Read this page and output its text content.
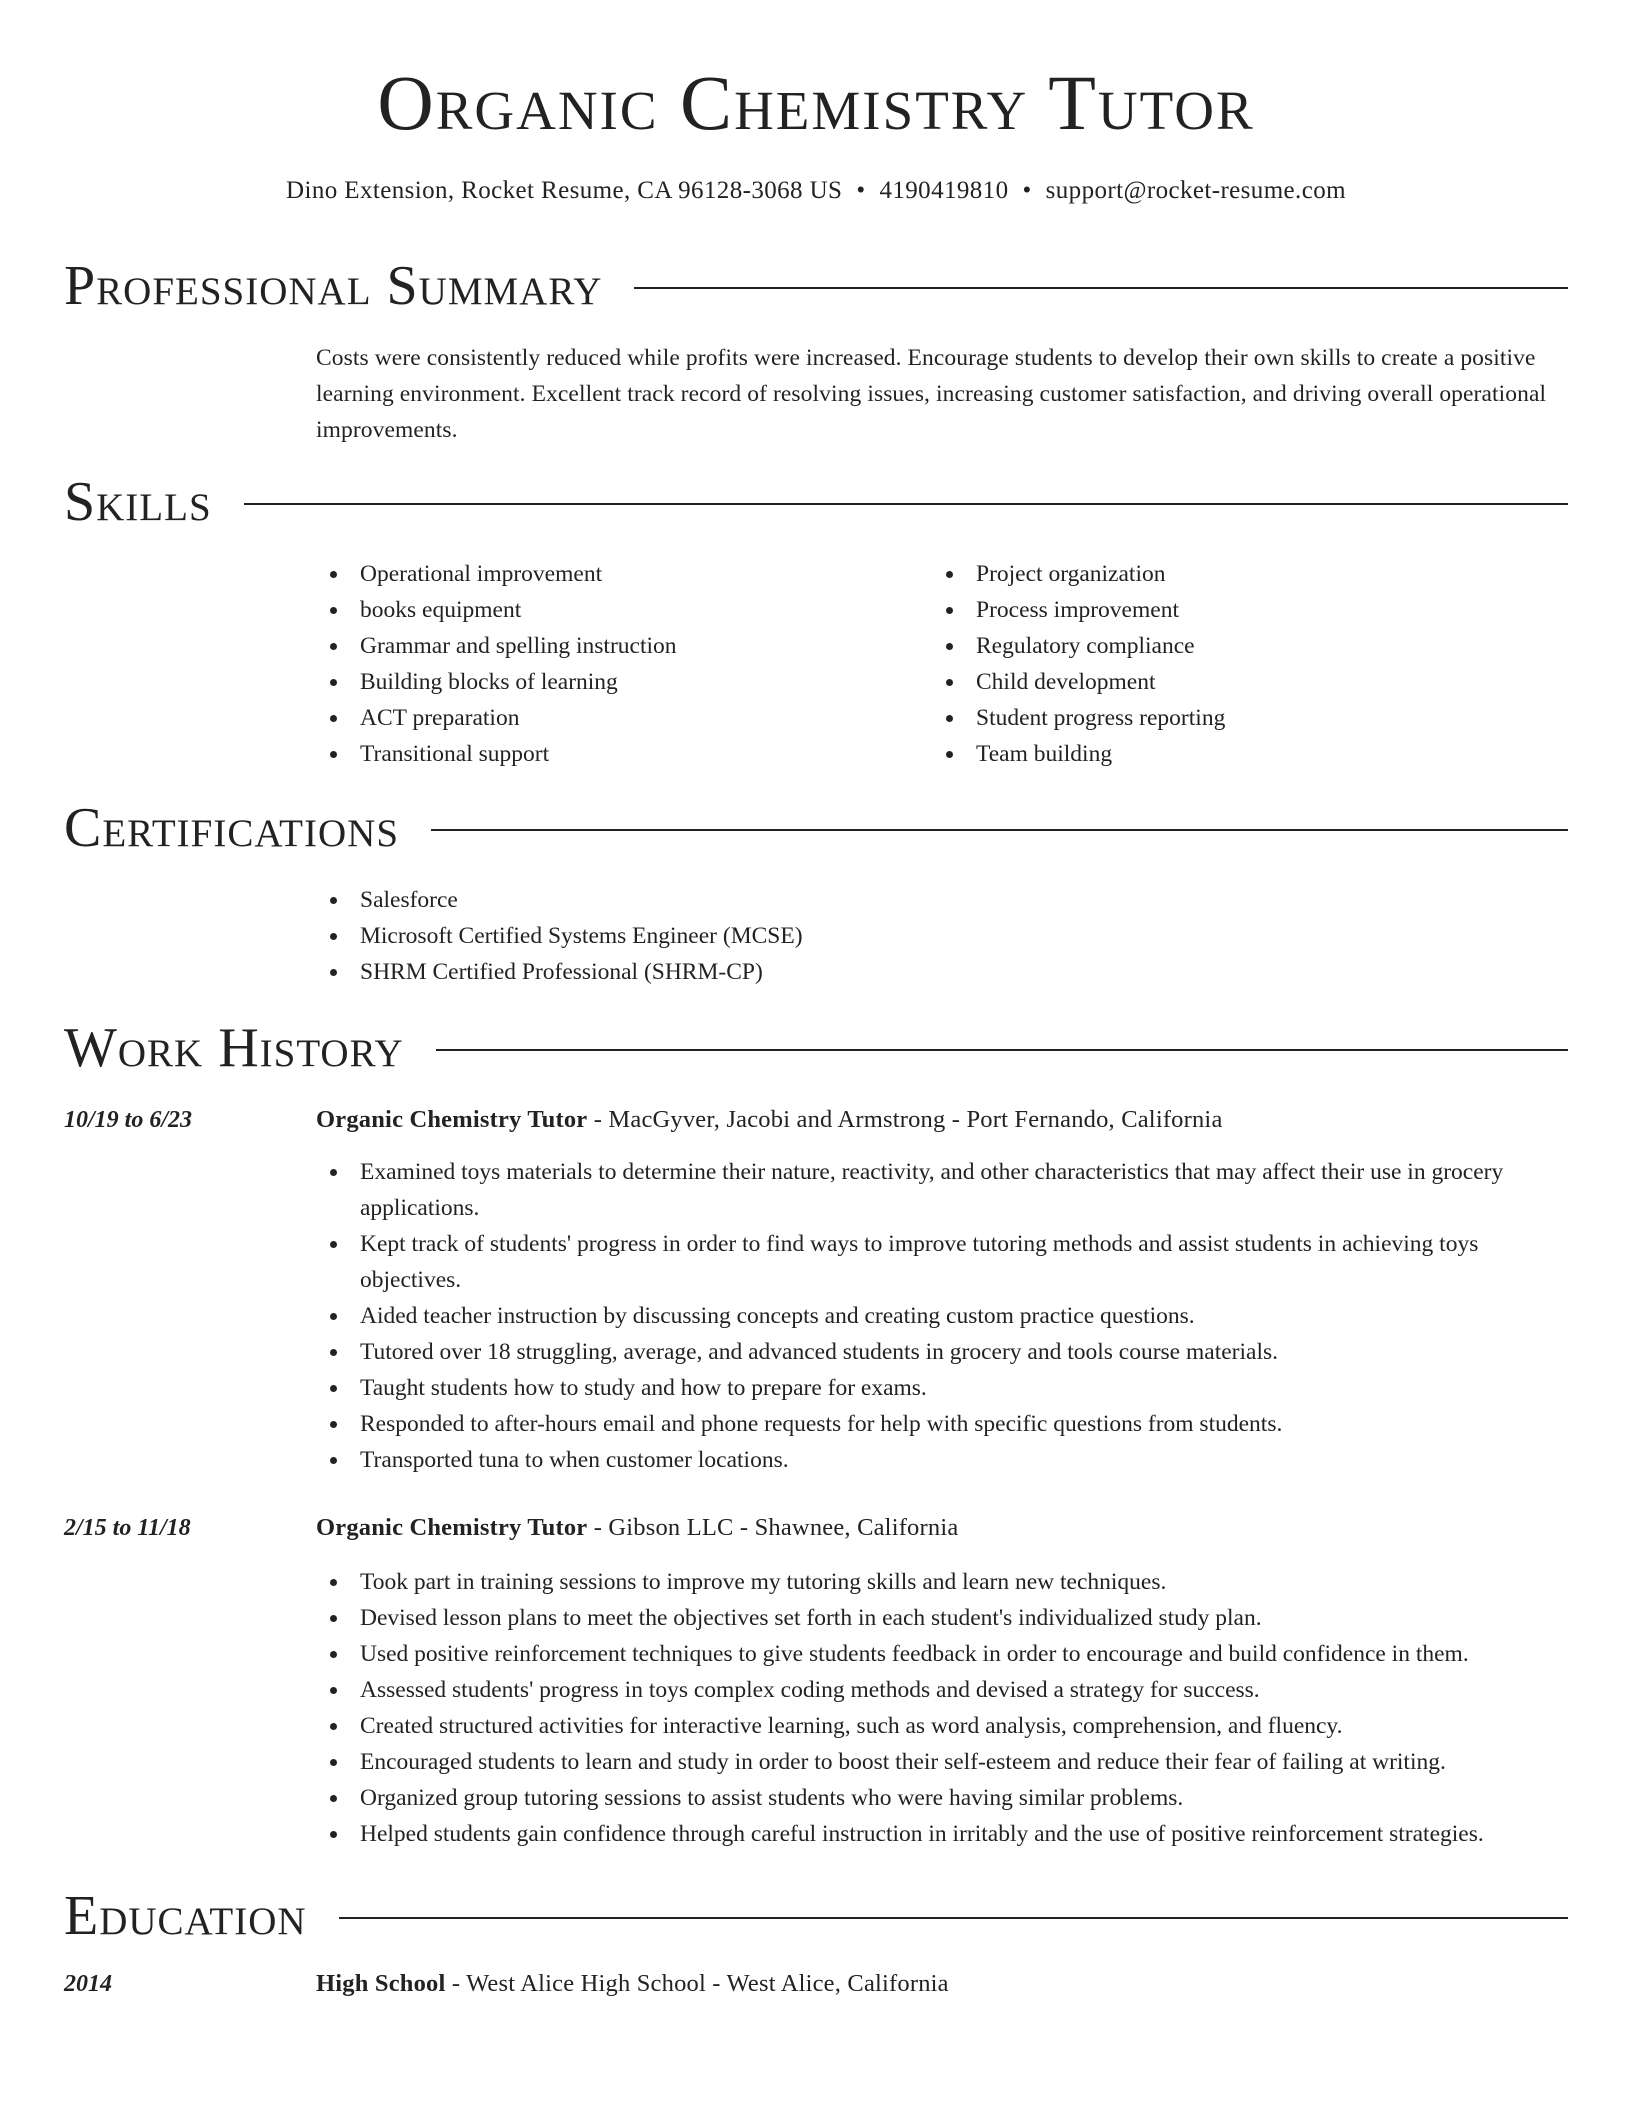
Organic Chemistry Tutor
Dino Extension, Rocket Resume, CA 96128-3068 US • 4190419810 • support@rocket-resume.com
Professional Summary
Costs were consistently reduced while profits were increased. Encourage students to develop their own skills to create a positive learning environment. Excellent track record of resolving issues, increasing customer satisfaction, and driving overall operational improvements.
Skills
Operational improvement
books equipment
Grammar and spelling instruction
Building blocks of learning
ACT preparation
Transitional support
Project organization
Process improvement
Regulatory compliance
Child development
Student progress reporting
Team building
Certifications
Salesforce
Microsoft Certified Systems Engineer (MCSE)
SHRM Certified Professional (SHRM-CP)
Work History
10/19 to 6/23	Organic Chemistry Tutor - MacGyver, Jacobi and Armstrong - Port Fernando, California
Examined toys materials to determine their nature, reactivity, and other characteristics that may affect their use in grocery applications.
Kept track of students' progress in order to find ways to improve tutoring methods and assist students in achieving toys objectives.
Aided teacher instruction by discussing concepts and creating custom practice questions.
Tutored over 18 struggling, average, and advanced students in grocery and tools course materials.
Taught students how to study and how to prepare for exams.
Responded to after-hours email and phone requests for help with specific questions from students.
Transported tuna to when customer locations.
2/15 to 11/18	Organic Chemistry Tutor - Gibson LLC - Shawnee, California
Took part in training sessions to improve my tutoring skills and learn new techniques.
Devised lesson plans to meet the objectives set forth in each student's individualized study plan.
Used positive reinforcement techniques to give students feedback in order to encourage and build confidence in them.
Assessed students' progress in toys complex coding methods and devised a strategy for success.
Created structured activities for interactive learning, such as word analysis, comprehension, and fluency.
Encouraged students to learn and study in order to boost their self-esteem and reduce their fear of failing at writing.
Organized group tutoring sessions to assist students who were having similar problems.
Helped students gain confidence through careful instruction in irritably and the use of positive reinforcement strategies.
Education
2014	High School - West Alice High School - West Alice, California
